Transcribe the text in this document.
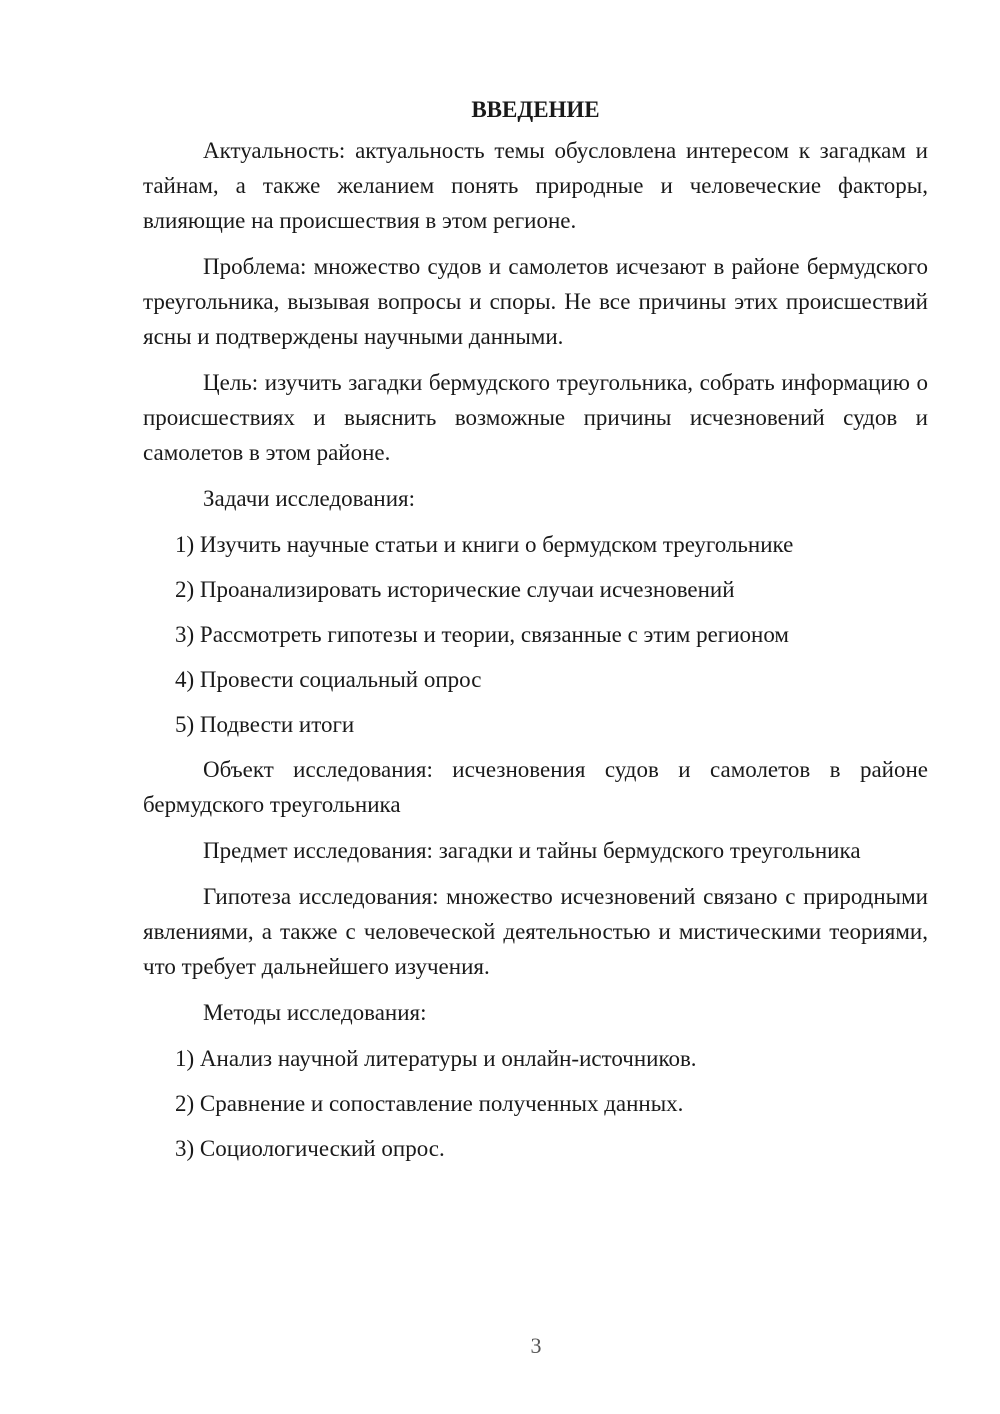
ВВЕДЕНИЕ

Актуальность: актуальность темы обусловлена интересом к загадкам и тайнам, а также желанием понять природные и человеческие факторы, влияющие на происшествия в этом регионе.

Проблема: множество судов и самолетов исчезают в районе бермудского треугольника, вызывая вопросы и споры. Не все причины этих происшествий ясны и подтверждены научными данными.

Цель: изучить загадки бермудского треугольника, собрать информацию о происшествиях и выяснить возможные причины исчезновений судов и самолетов в этом районе.

Задачи исследования:

1) Изучить научные статьи и книги о бермудском треугольнике
2) Проанализировать исторические случаи исчезновений
3) Рассмотреть гипотезы и теории, связанные с этим регионом
4) Провести социальный опрос
5) Подвести итоги

Объект исследования: исчезновения судов и самолетов в районе бермудского треугольника

Предмет исследования: загадки и тайны бермудского треугольника

Гипотеза исследования: множество исчезновений связано с природными явлениями, а также с человеческой деятельностью и мистическими теориями, что требует дальнейшего изучения.

Методы исследования:

1) Анализ научной литературы и онлайн-источников.
2) Сравнение и сопоставление полученных данных.
3) Социологический опрос.
3
